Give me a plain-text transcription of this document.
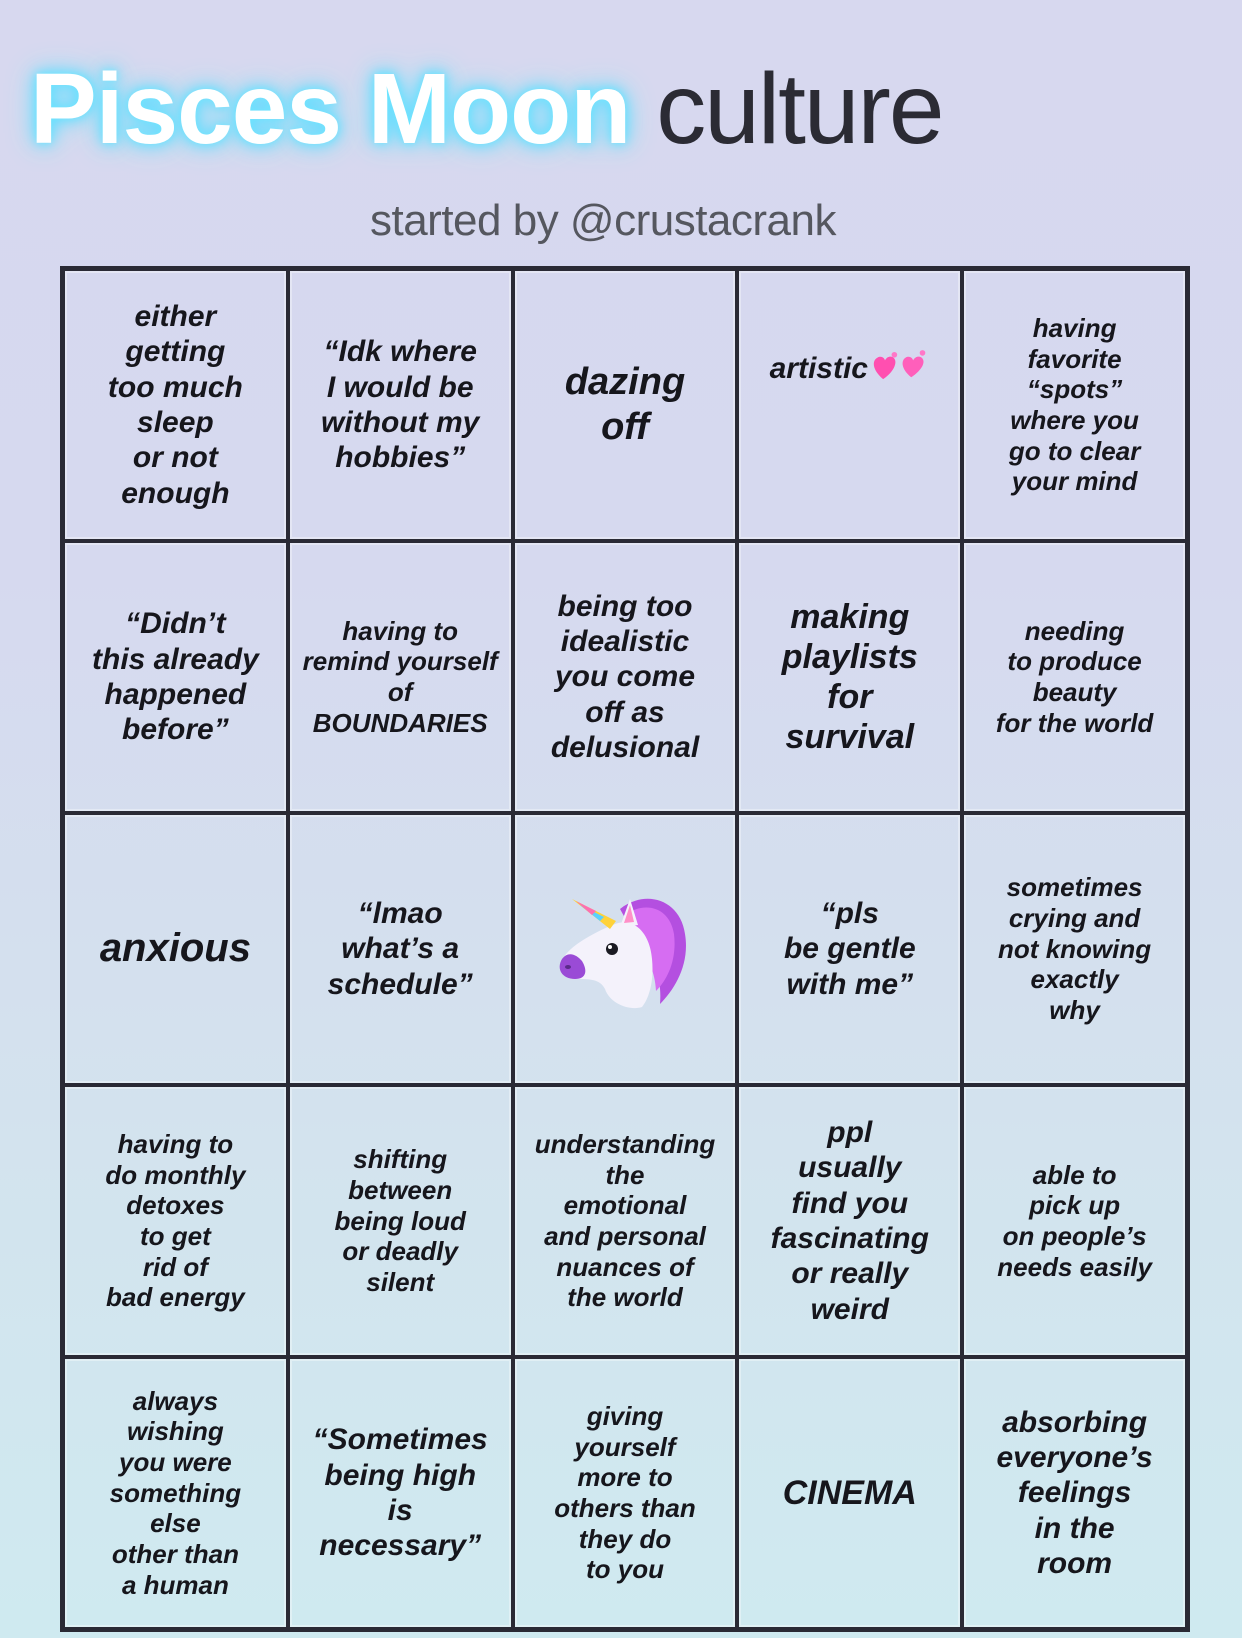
Pisces Moon culture
started by @crustacrank
either
getting
too much
sleep
or not
enough
“Idk where
I would be
without my
hobbies”
dazing
off
artistic
having
favorite
“spots”
where you
go to clear
your mind
“Didn’t
this already
happened
before”
having to
remind yourself
of
BOUNDARIES
being too
idealistic
you come
off as
delusional
making
playlists
for
survival
needing
to produce
beauty
for the world
anxious
“lmao
what’s a
schedule”
“pls
be gentle
with me”
sometimes
crying and
not knowing
exactly
why
having to
do monthly
detoxes
to get
rid of
bad energy
shifting
between
being loud
or deadly
silent
understanding
the
emotional
and personal
nuances of
the world
ppl
usually
find you
fascinating
or really
weird
able to
pick up
on people’s
needs easily
always
wishing
you were
something
else
other than
a human
“Sometimes
being high
is
necessary”
giving
yourself
more to
others than
they do
to you
CINEMA
absorbing
everyone’s
feelings
in the
room
